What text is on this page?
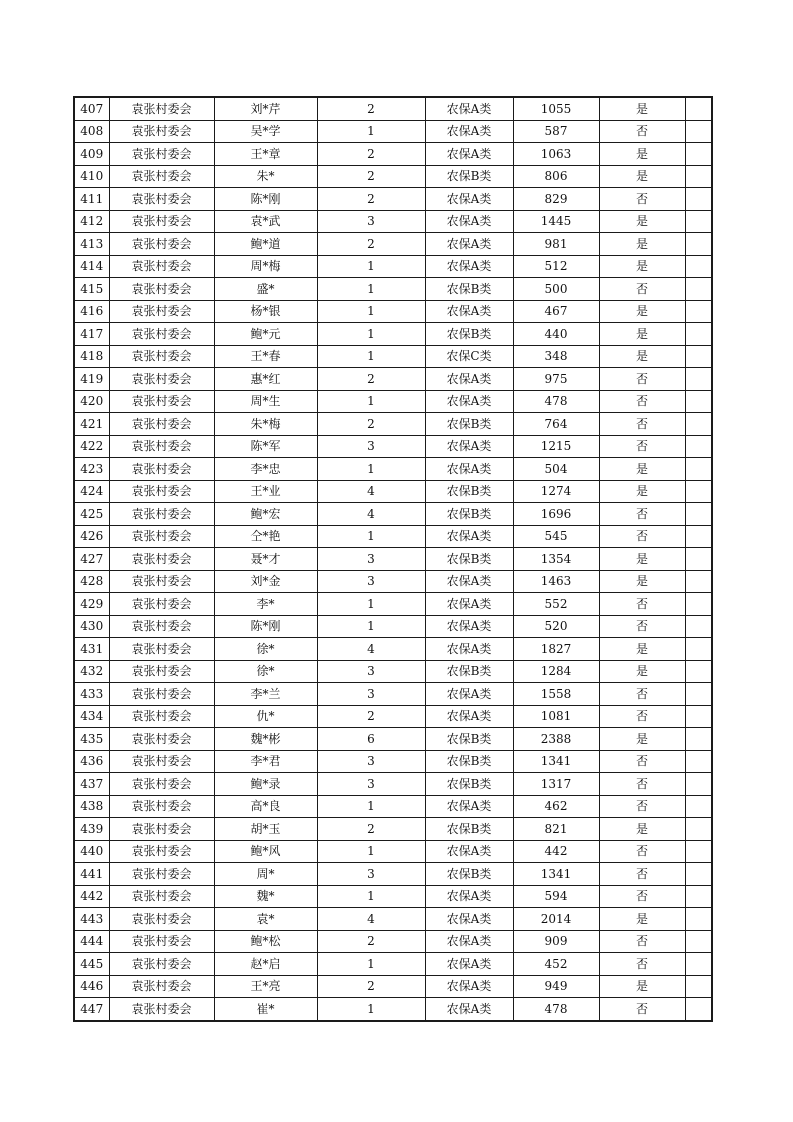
407	袁张村委会	刘*芹	2	农保A类	1055	是	
408	袁张村委会	吴*学	1	农保A类	587	否	
409	袁张村委会	王*章	2	农保A类	1063	是	
410	袁张村委会	朱*	2	农保B类	806	是	
411	袁张村委会	陈*刚	2	农保A类	829	否	
412	袁张村委会	袁*武	3	农保A类	1445	是	
413	袁张村委会	鲍*道	2	农保A类	981	是	
414	袁张村委会	周*梅	1	农保A类	512	是	
415	袁张村委会	盛*	1	农保B类	500	否	
416	袁张村委会	杨*银	1	农保A类	467	是	
417	袁张村委会	鲍*元	1	农保B类	440	是	
418	袁张村委会	王*春	1	农保C类	348	是	
419	袁张村委会	惠*红	2	农保A类	975	否	
420	袁张村委会	周*生	1	农保A类	478	否	
421	袁张村委会	朱*梅	2	农保B类	764	否	
422	袁张村委会	陈*军	3	农保A类	1215	否	
423	袁张村委会	李*忠	1	农保A类	504	是	
424	袁张村委会	王*业	4	农保B类	1274	是	
425	袁张村委会	鲍*宏	4	农保B类	1696	否	
426	袁张村委会	仝*艳	1	农保A类	545	否	
427	袁张村委会	聂*才	3	农保B类	1354	是	
428	袁张村委会	刘*金	3	农保A类	1463	是	
429	袁张村委会	李*	1	农保A类	552	否	
430	袁张村委会	陈*刚	1	农保A类	520	否	
431	袁张村委会	徐*	4	农保A类	1827	是	
432	袁张村委会	徐*	3	农保B类	1284	是	
433	袁张村委会	李*兰	3	农保A类	1558	否	
434	袁张村委会	仇*	2	农保A类	1081	否	
435	袁张村委会	魏*彬	6	农保B类	2388	是	
436	袁张村委会	李*君	3	农保B类	1341	否	
437	袁张村委会	鲍*录	3	农保B类	1317	否	
438	袁张村委会	高*良	1	农保A类	462	否	
439	袁张村委会	胡*玉	2	农保B类	821	是	
440	袁张村委会	鲍*风	1	农保A类	442	否	
441	袁张村委会	周*	3	农保B类	1341	否	
442	袁张村委会	魏*	1	农保A类	594	否	
443	袁张村委会	袁*	4	农保A类	2014	是	
444	袁张村委会	鲍*松	2	农保A类	909	否	
445	袁张村委会	赵*启	1	农保A类	452	否	
446	袁张村委会	王*亮	2	农保A类	949	是	
447	袁张村委会	崔*	1	农保A类	478	否	
